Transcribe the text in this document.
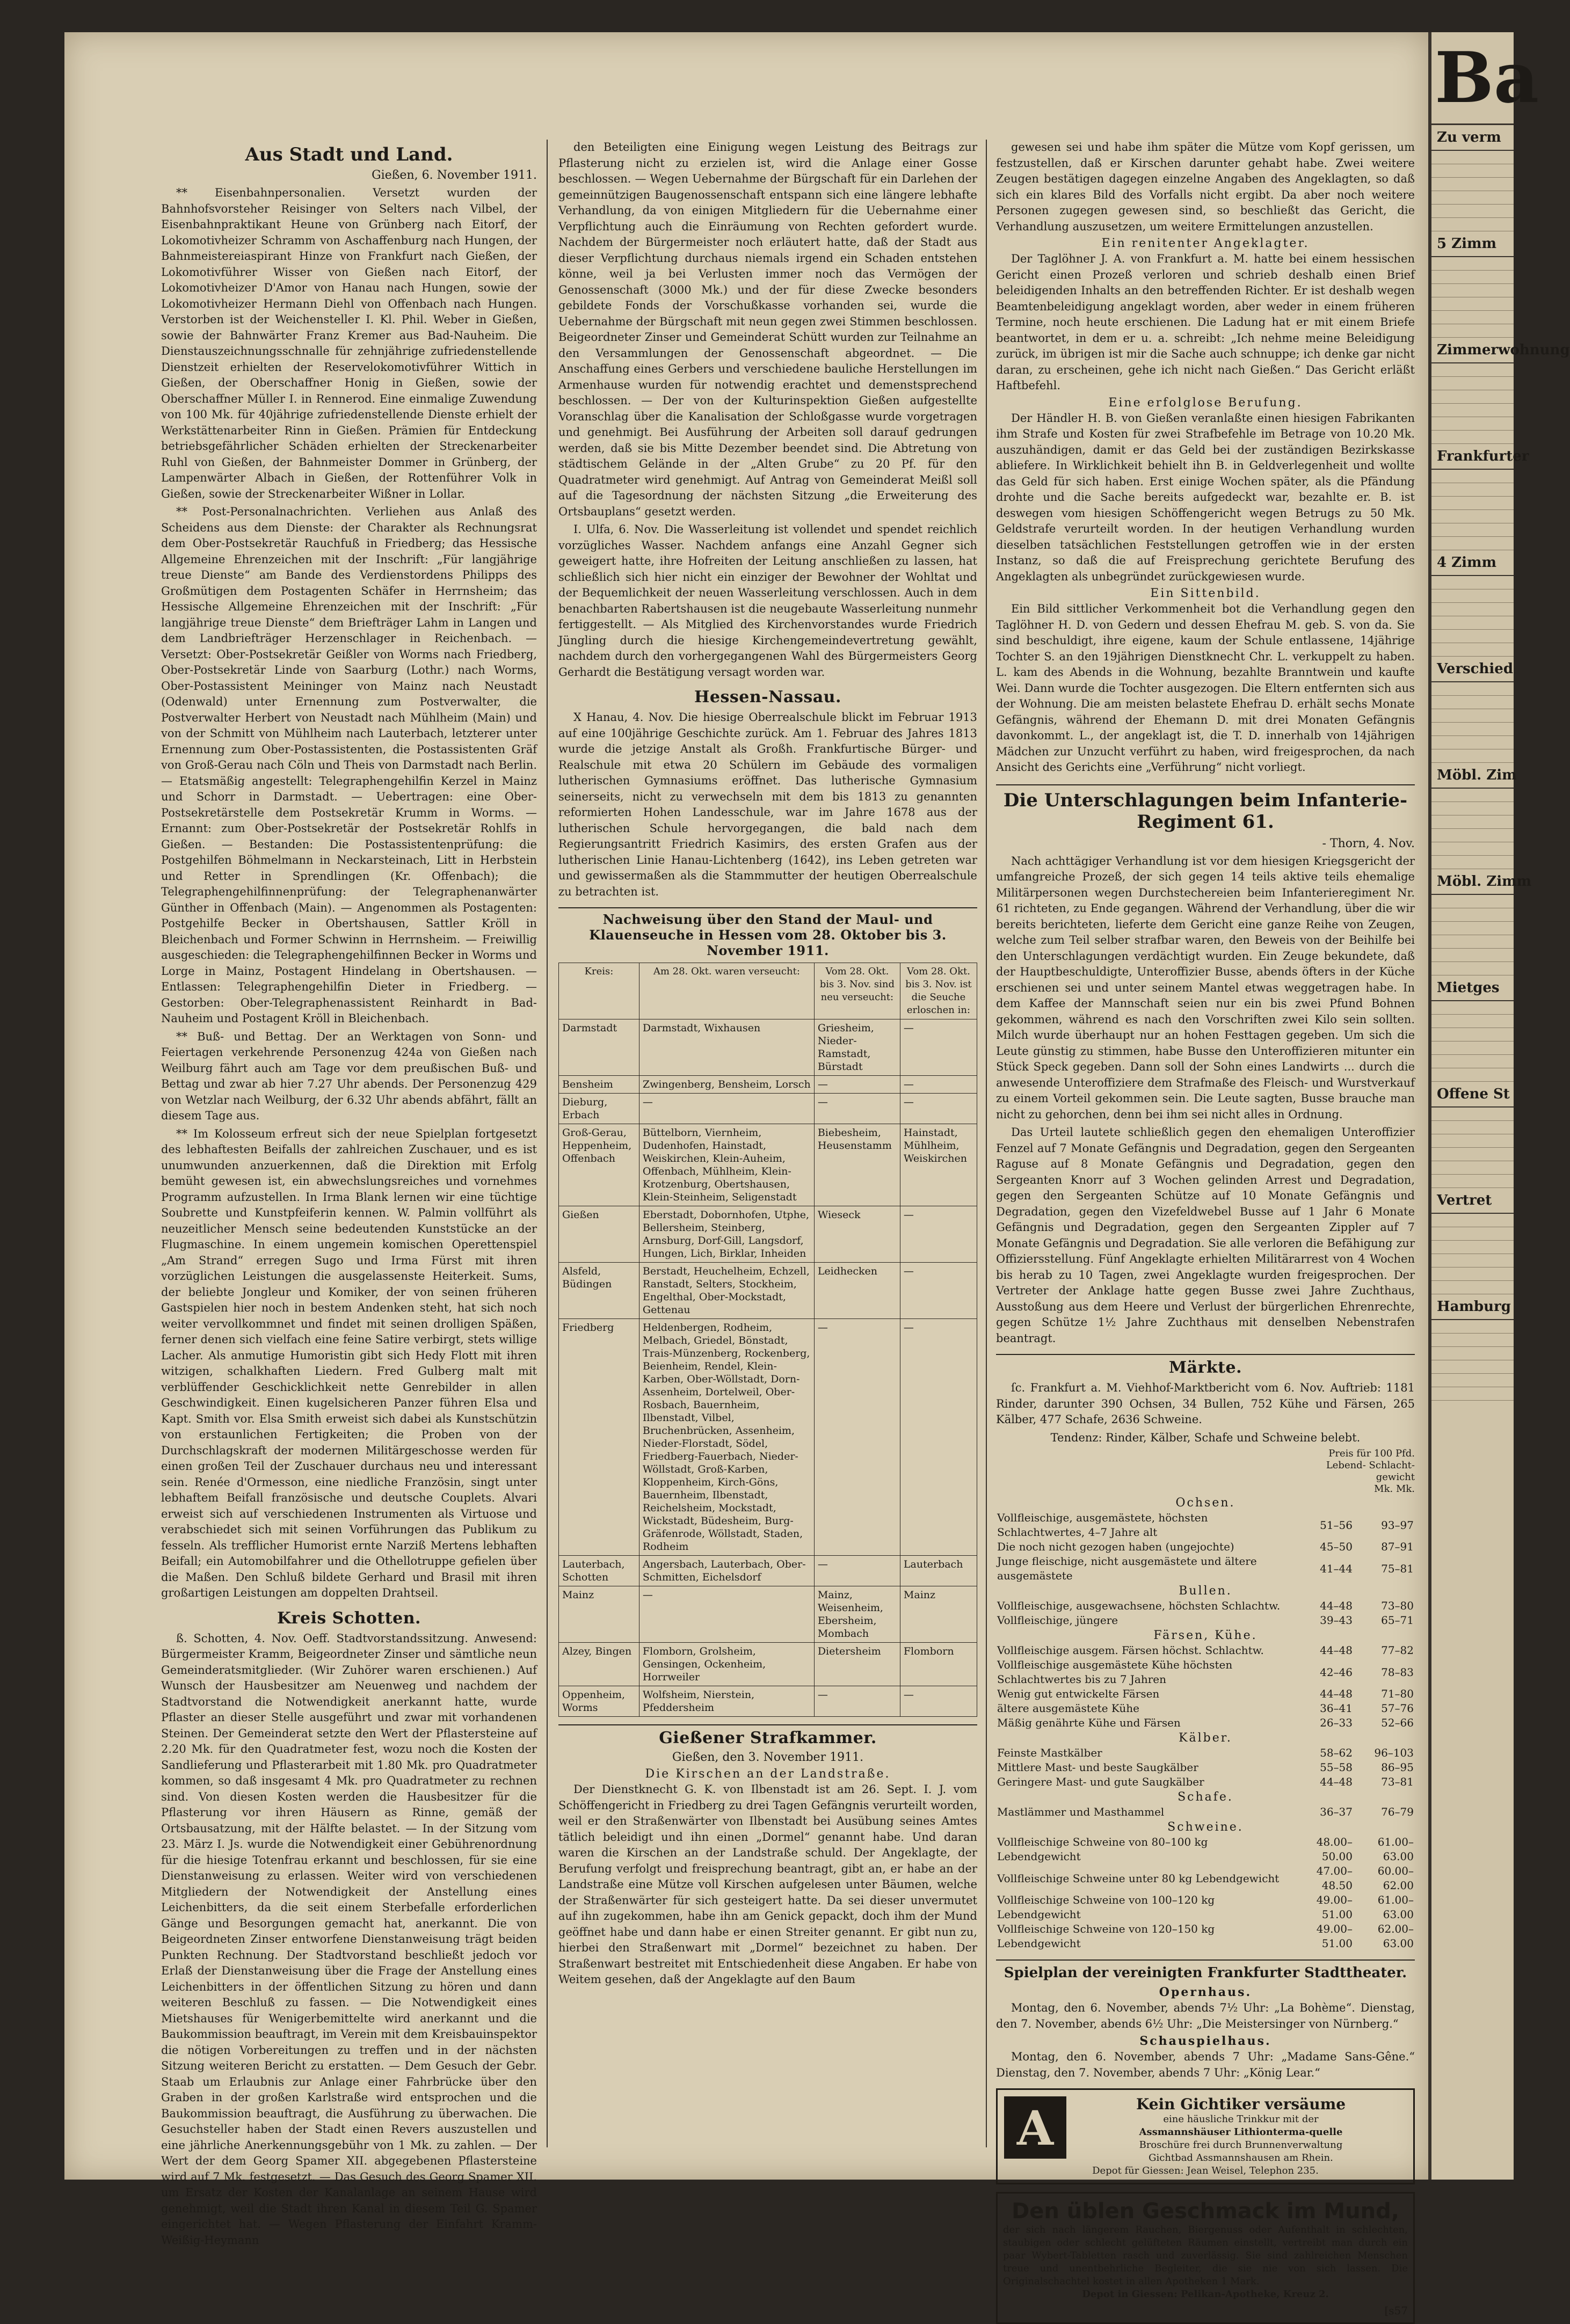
Aus Stadt und Land.
Gießen, 6. November 1911.

** Eisenbahnpersonalien. Versetzt wurden der Bahnhofsvorsteher Reisinger von Selters nach Vilbel, der Eisenbahnpraktikant Heune von Grünberg nach Eitorf, der Lokomotivheizer Schramm von Aschaffenburg nach Hungen, der Bahnmeistereiaspirant Hinze von Frankfurt nach Gießen, der Lokomotivführer Wisser von Gießen nach Eitorf, der Lokomotivheizer D'Amor von Hanau nach Hungen, sowie der Lokomotivheizer Hermann Diehl von Offenbach nach Hungen. Verstorben ist der Weichensteller I. Kl. Phil. Weber in Gießen, sowie der Bahnwärter Franz Kremer aus Bad-Nauheim. Die Dienstauszeichnungsschnalle für zehnjährige zufriedenstellende Dienstzeit erhielten der Reservelokomotivführer Wittich in Gießen, der Oberschaffner Honig in Gießen, sowie der Oberschaffner Müller I. in Rennerod. Eine einmalige Zuwendung von 100 Mk. für 40jährige zufriedenstellende Dienste erhielt der Werkstättenarbeiter Rinn in Gießen. Prämien für Entdeckung betriebsgefährlicher Schäden erhielten der Streckenarbeiter Ruhl von Gießen, der Bahnmeister Dommer in Grünberg, der Lampenwärter Albach in Gießen, der Rottenführer Volk in Gießen, sowie der Streckenarbeiter Wißner in Lollar.

** Post-Personalnachrichten. Verliehen aus Anlaß des Scheidens aus dem Dienste: der Charakter als Rechnungsrat dem Ober-Postsekretär Rauchfuß in Friedberg; das Hessische Allgemeine Ehrenzeichen mit der Inschrift: „Für langjährige treue Dienste“ am Bande des Verdienstordens Philipps des Großmütigen dem Postagenten Schäfer in Herrnsheim; das Hessische Allgemeine Ehrenzeichen mit der Inschrift: „Für langjährige treue Dienste“ dem Briefträger Lahm in Langen und dem Landbriefträger Herzenschlager in Reichenbach. — Versetzt: Ober-Postsekretär Geißler von Worms nach Friedberg, Ober-Postsekretär Linde von Saarburg (Lothr.) nach Worms, Ober-Postassistent Meininger von Mainz nach Neustadt (Odenwald) unter Ernennung zum Postverwalter, die Postverwalter Herbert von Neustadt nach Mühlheim (Main) und von der Schmitt von Mühlheim nach Lauterbach, letzterer unter Ernennung zum Ober-Postassistenten, die Postassistenten Gräf von Groß-Gerau nach Cöln und Theis von Darmstadt nach Berlin. — Etatsmäßig angestellt: Telegraphengehilfin Kerzel in Mainz und Schorr in Darmstadt. — Uebertragen: eine Ober-Postsekretärstelle dem Postsekretär Krumm in Worms. — Ernannt: zum Ober-Postsekretär der Postsekretär Rohlfs in Gießen. — Bestanden: Die Postassistentenprüfung: die Postgehilfen Böhmelmann in Neckarsteinach, Litt in Herbstein und Retter in Sprendlingen (Kr. Offenbach); die Telegraphengehilfinnenprüfung: der Telegraphenanwärter Günther in Offenbach (Main). — Angenommen als Postagenten: Postgehilfe Becker in Obertshausen, Sattler Kröll in Bleichenbach und Former Schwinn in Herrnsheim. — Freiwillig ausgeschieden: die Telegraphengehilfinnen Becker in Worms und Lorge in Mainz, Postagent Hindelang in Obertshausen. — Entlassen: Telegraphengehilfin Dieter in Friedberg. — Gestorben: Ober-Telegraphenassistent Reinhardt in Bad-Nauheim und Postagent Kröll in Bleichenbach.

** Buß- und Bettag. Der an Werktagen von Sonn- und Feiertagen verkehrende Personenzug 424a von Gießen nach Weilburg fährt auch am Tage vor dem preußischen Buß- und Bettag und zwar ab hier 7.27 Uhr abends. Der Personenzug 429 von Wetzlar nach Weilburg, der 6.32 Uhr abends abfährt, fällt an diesem Tage aus.

** Im Kolosseum erfreut sich der neue Spielplan fortgesetzt des lebhaftesten Beifalls der zahlreichen Zuschauer, und es ist unumwunden anzuerkennen, daß die Direktion mit Erfolg bemüht gewesen ist, ein abwechslungsreiches und vornehmes Programm aufzustellen. In Irma Blank lernen wir eine tüchtige Soubrette und Kunstpfeiferin kennen. W. Palmin vollführt als neuzeitlicher Mensch seine bedeutenden Kunststücke an der Flugmaschine. In einem ungemein komischen Operettenspiel „Am Strand“ erregen Sugo und Irma Fürst mit ihren vorzüglichen Leistungen die ausgelassenste Heiterkeit. Sums, der beliebte Jongleur und Komiker, der von seinen früheren Gastspielen hier noch in bestem Andenken steht, hat sich noch weiter vervollkommnet und findet mit seinen drolligen Späßen, ferner denen sich vielfach eine feine Satire verbirgt, stets willige Lacher. Als anmutige Humoristin gibt sich Hedy Flott mit ihren witzigen, schalkhaften Liedern. Fred Gulberg malt mit verblüffender Geschicklichkeit nette Genrebilder in allen Geschwindigkeit. Einen kugelsicheren Panzer führen Elsa und Kapt. Smith vor. Elsa Smith erweist sich dabei als Kunstschützin von erstaunlichen Fertigkeiten; die Proben von der Durchschlagskraft der modernen Militärgeschosse werden für einen großen Teil der Zuschauer durchaus neu und interessant sein. Renée d'Ormesson, eine niedliche Französin, singt unter lebhaftem Beifall französische und deutsche Couplets. Alvari erweist sich auf verschiedenen Instrumenten als Virtuose und verabschiedet sich mit seinen Vorführungen das Publikum zu fesseln. Als trefflicher Humorist ernte Narziß Mertens lebhaften Beifall; ein Automobilfahrer und die Othellotruppe gefielen über die Maßen. Den Schluß bildete Gerhard und Brasil mit ihren großartigen Leistungen am doppelten Drahtseil.

Kreis Schotten.

ß. Schotten, 4. Nov. Oeff. Stadtvorstandssitzung. Anwesend: Bürgermeister Kramm, Beigeordneter Zinser und sämtliche neun Gemeinderatsmitglieder. (Wir Zuhörer waren erschienen.) Auf Wunsch der Hausbesitzer am Neuenweg und nachdem der Stadtvorstand die Notwendigkeit anerkannt hatte, wurde Pflaster an dieser Stelle ausgeführt und zwar mit vorhandenen Steinen. Der Gemeinderat setzte den Wert der Pflastersteine auf 2.20 Mk. für den Quadratmeter fest, wozu noch die Kosten der Sandlieferung und Pflasterarbeit mit 1.80 Mk. pro Quadratmeter kommen, so daß insgesamt 4 Mk. pro Quadratmeter zu rechnen sind. Von diesen Kosten werden die Hausbesitzer für die Pflasterung vor ihren Häusern as Rinne, gemäß der Ortsbausatzung, mit der Hälfte belastet. — In der Sitzung vom 23. März I. Js. wurde die Notwendigkeit einer Gebührenordnung für die hiesige Totenfrau erkannt und beschlossen, für sie eine Dienstanweisung zu erlassen. Weiter wird von verschiedenen Mitgliedern der Notwendigkeit der Anstellung eines Leichenbitters, da die seit einem Sterbefalle erforderlichen Gänge und Besorgungen gemacht hat, anerkannt. Die von Beigeordneten Zinser entworfene Dienstanweisung trägt beiden Punkten Rechnung. Der Stadtvorstand beschließt jedoch vor Erlaß der Dienstanweisung über die Frage der Anstellung eines Leichenbitters in der öffentlichen Sitzung zu hören und dann weiteren Beschluß zu fassen. — Die Notwendigkeit eines Mietshauses für Wenigerbemittelte wird anerkannt und die Baukommission beauftragt, im Verein mit dem Kreisbauinspektor die nötigen Vorbereitungen zu treffen und in der nächsten Sitzung weiteren Bericht zu erstatten. — Dem Gesuch der Gebr. Staab um Erlaubnis zur Anlage einer Fahrbrücke über den Graben in der großen Karlstraße wird entsprochen und die Baukommission beauftragt, die Ausführung zu überwachen. Die Gesuchsteller haben der Stadt einen Revers auszustellen und eine jährliche Anerkennungsgebühr von 1 Mk. zu zahlen. — Der Wert der dem Georg Spamer XII. abgegebenen Pflastersteine wird auf 7 Mk. festgesetzt. — Das Gesuch des Georg Spamer XII. um Ersatz der Kosten der Kanalanlage an seinem Hause wird genehmigt, weil die Stadt ihren Kanal in diesem Teil G. Spamer eingerichtet hat. — Wegen Pflasterung der Einfahrt Kramm-Weißig-Heymann

den Beteiligten eine Einigung wegen Leistung des Beitrags zur Pflasterung nicht zu erzielen ist, wird die Anlage einer Gosse beschlossen. — Wegen Uebernahme der Bürgschaft für ein Darlehen der gemeinnützigen Baugenossenschaft entspann sich eine längere lebhafte Verhandlung, da von einigen Mitgliedern für die Uebernahme einer Verpflichtung auch die Einräumung von Rechten gefordert wurde. Nachdem der Bürgermeister noch erläutert hatte, daß der Stadt aus dieser Verpflichtung durchaus niemals irgend ein Schaden entstehen könne, weil ja bei Verlusten immer noch das Vermögen der Genossenschaft (3000 Mk.) und der für diese Zwecke besonders gebildete Fonds der Vorschußkasse vorhanden sei, wurde die Uebernahme der Bürgschaft mit neun gegen zwei Stimmen beschlossen. Beigeordneter Zinser und Gemeinderat Schütt wurden zur Teilnahme an den Versammlungen der Genossenschaft abgeordnet. — Die Anschaffung eines Gerbers und verschiedene bauliche Herstellungen im Armenhause wurden für notwendig erachtet und demenstsprechend beschlossen. — Der von der Kulturinspektion Gießen aufgestellte Voranschlag über die Kanalisation der Schloßgasse wurde vorgetragen und genehmigt. Bei Ausführung der Arbeiten soll darauf gedrungen werden, daß sie bis Mitte Dezember beendet sind. Die Abtretung von städtischem Gelände in der „Alten Grube“ zu 20 Pf. für den Quadratmeter wird genehmigt. Auf Antrag von Gemeinderat Meißl soll auf die Tagesordnung der nächsten Sitzung „die Erweiterung des Ortsbauplans“ gesetzt werden.

I. Ulfa, 6. Nov. Die Wasserleitung ist vollendet und spendet reichlich vorzügliches Wasser. Nachdem anfangs eine Anzahl Gegner sich geweigert hatte, ihre Hofreiten der Leitung anschließen zu lassen, hat schließlich sich hier nicht ein einziger der Bewohner der Wohltat und der Bequemlichkeit der neuen Wasserleitung verschlossen. Auch in dem benachbarten Rabertshausen ist die neugebaute Wasserleitung nunmehr fertiggestellt. — Als Mitglied des Kirchenvorstandes wurde Friedrich Jüngling durch die hiesige Kirchengemeindevertretung gewählt, nachdem durch den vorhergegangenen Wahl des Bürgermeisters Georg Gerhardt die Bestätigung versagt worden war.

Hessen-Nassau.

X Hanau, 4. Nov. Die hiesige Oberrealschule blickt im Februar 1913 auf eine 100jährige Geschichte zurück. Am 1. Februar des Jahres 1813 wurde die jetzige Anstalt als Großh. Frankfurtische Bürger- und Realschule mit etwa 20 Schülern im Gebäude des vormaligen lutherischen Gymnasiums eröffnet. Das lutherische Gymnasium seinerseits, nicht zu verwechseln mit dem bis 1813 zu genannten reformierten Hohen Landesschule, war im Jahre 1678 aus der lutherischen Schule hervorgegangen, die bald nach dem Regierungsantritt Friedrich Kasimirs, des ersten Grafen aus der lutherischen Linie Hanau-Lichtenberg (1642), ins Leben getreten war und gewissermaßen als die Stammmutter der heutigen Oberrealschule zu betrachten ist.

Nachweisung über den Stand der Maul- und Klauenseuche in Hessen vom 28. Oktober bis 3. November 1911.
Kreis:	Am 28. Okt. waren verseucht:	Vom 28. Okt. bis 3. Nov. sind neu verseucht:	Vom 28. Okt. bis 3. Nov. ist die Seuche erloschen in:
Darmstadt	Darmstadt, Wixhausen	Griesheim, Nieder-Ramstadt, Bürstadt	—
Bensheim	Zwingenberg, Bensheim, Lorsch	—	—
Dieburg, Erbach	—	—	—
Groß-Gerau, Heppenheim, Offenbach	Büttelborn, Viernheim, Dudenhofen, Hainstadt, Weiskirchen, Klein-Auheim, Offenbach, Mühlheim, Klein-Krotzenburg, Obertshausen, Klein-Steinheim, Seligenstadt	Biebesheim, Heusenstamm	Hainstadt, Mühlheim, Weiskirchen
Gießen	Eberstadt, Dobornhofen, Utphe, Bellersheim, Steinberg, Arnsburg, Dorf-Gill, Langsdorf, Hungen, Lich, Birklar, Inheiden	Wieseck	—
Alsfeld, Büdingen	Berstadt, Heuchelheim, Echzell, Ranstadt, Selters, Stockheim, Engelthal, Ober-Mockstadt, Gettenau	Leidhecken	—
Friedberg	Heldenbergen, Rodheim, Melbach, Griedel, Bönstadt, Trais-Münzenberg, Rockenberg, Beienheim, Rendel, Klein-Karben, Ober-Wöllstadt, Dorn-Assenheim, Dortelweil, Ober-Rosbach, Bauernheim, Ilbenstadt, Vilbel, Bruchenbrücken, Assenheim, Nieder-Florstadt, Södel, Friedberg-Fauerbach, Nieder-Wöllstadt, Groß-Karben, Kloppenheim, Kirch-Göns, Bauernheim, Ilbenstadt, Reichelsheim, Mockstadt, Wickstadt, Büdesheim, Burg-Gräfenrode, Wöllstadt, Staden, Rodheim	—	—
Lauterbach, Schotten	Angersbach, Lauterbach, Ober-Schmitten, Eichelsdorf	—	Lauterbach
Mainz	—	Mainz, Weisenheim, Ebersheim, Mombach	Mainz
Alzey, Bingen	Flomborn, Grolsheim, Gensingen, Ockenheim, Horrweiler	Dietersheim	Flomborn
Oppenheim, Worms	Wolfsheim, Nierstein, Pfeddersheim	—	—
Gießener Strafkammer.
Gießen, den 3. November 1911.
Die Kirschen an der Landstraße.

Der Dienstknecht G. K. von Ilbenstadt ist am 26. Sept. I. J. vom Schöffengericht in Friedberg zu drei Tagen Gefängnis verurteilt worden, weil er den Straßenwärter von Ilbenstadt bei Ausübung seines Amtes tätlich beleidigt und ihn einen „Dormel“ genannt habe. Und daran waren die Kirschen an der Landstraße schuld. Der Angeklagte, der Berufung verfolgt und freisprechung beantragt, gibt an, er habe an der Landstraße eine Mütze voll Kirschen aufgelesen unter Bäumen, welche der Straßenwärter für sich gesteigert hatte. Da sei dieser unvermutet auf ihn zugekommen, habe ihn am Genick gepackt, doch ihm der Mund geöffnet habe und dann habe er einen Streiter genannt. Er gibt nun zu, hierbei den Straßenwart mit „Dormel“ bezeichnet zu haben. Der Straßenwart bestreitet mit Entschiedenheit diese Angaben. Er habe von Weitem gesehen, daß der Angeklagte auf den Baum

gewesen sei und habe ihm später die Mütze vom Kopf gerissen, um festzustellen, daß er Kirschen darunter gehabt habe. Zwei weitere Zeugen bestätigen dagegen einzelne Angaben des Angeklagten, so daß sich ein klares Bild des Vorfalls nicht ergibt. Da aber noch weitere Personen zugegen gewesen sind, so beschließt das Gericht, die Verhandlung auszusetzen, um weitere Ermittelungen anzustellen.

Ein renitenter Angeklagter.

Der Taglöhner J. A. von Frankfurt a. M. hatte bei einem hessischen Gericht einen Prozeß verloren und schrieb deshalb einen Brief beleidigenden Inhalts an den betreffenden Richter. Er ist deshalb wegen Beamtenbeleidigung angeklagt worden, aber weder in einem früheren Termine, noch heute erschienen. Die Ladung hat er mit einem Briefe beantwortet, in dem er u. a. schreibt: „Ich nehme meine Beleidigung zurück, im übrigen ist mir die Sache auch schnuppe; ich denke gar nicht daran, zu erscheinen, gehe ich nicht nach Gießen.“ Das Gericht erläßt Haftbefehl.

Eine erfolglose Berufung.

Der Händler H. B. von Gießen veranlaßte einen hiesigen Fabrikanten ihm Strafe und Kosten für zwei Strafbefehle im Betrage von 10.20 Mk. auszuhändigen, damit er das Geld bei der zuständigen Bezirkskasse abliefere. In Wirklichkeit behielt ihn B. in Geldverlegenheit und wollte das Geld für sich haben. Erst einige Wochen später, als die Pfändung drohte und die Sache bereits aufgedeckt war, bezahlte er. B. ist deswegen vom hiesigen Schöffengericht wegen Betrugs zu 50 Mk. Geldstrafe verurteilt worden. In der heutigen Verhandlung wurden dieselben tatsächlichen Feststellungen getroffen wie in der ersten Instanz, so daß die auf Freisprechung gerichtete Berufung des Angeklagten als unbegründet zurückgewiesen wurde.

Ein Sittenbild.

Ein Bild sittlicher Verkommenheit bot die Verhandlung gegen den Taglöhner H. D. von Gedern und dessen Ehefrau M. geb. S. von da. Sie sind beschuldigt, ihre eigene, kaum der Schule entlassene, 14jährige Tochter S. an den 19jährigen Dienstknecht Chr. L. verkuppelt zu haben. L. kam des Abends in die Wohnung, bezahlte Branntwein und kaufte Wei. Dann wurde die Tochter ausgezogen. Die Eltern entfernten sich aus der Wohnung. Die am meisten belastete Ehefrau D. erhält sechs Monate Gefängnis, während der Ehemann D. mit drei Monaten Gefängnis davonkommt. L., der angeklagt ist, die T. D. innerhalb von 14jährigen Mädchen zur Unzucht verführt zu haben, wird freigesprochen, da nach Ansicht des Gerichts eine „Verführung“ nicht vorliegt.

Die Unterschlagungen beim Infanterie-Regiment 61.
- Thorn, 4. Nov.

Nach achttägiger Verhandlung ist vor dem hiesigen Kriegsgericht der umfangreiche Prozeß, der sich gegen 14 teils aktive teils ehemalige Militärpersonen wegen Durchstechereien beim Infanterieregiment Nr. 61 richteten, zu Ende gegangen. Während der Verhandlung, über die wir bereits berichteten, lieferte dem Gericht eine ganze Reihe von Zeugen, welche zum Teil selber strafbar waren, den Beweis von der Beihilfe bei den Unterschlagungen verdächtigt wurden. Ein Zeuge bekundete, daß der Hauptbeschuldigte, Unteroffizier Busse, abends öfters in der Küche erschienen sei und unter seinem Mantel etwas weggetragen habe. In dem Kaffee der Mannschaft seien nur ein bis zwei Pfund Bohnen gekommen, während es nach den Vorschriften zwei Kilo sein sollten. Milch wurde überhaupt nur an hohen Festtagen gegeben. Um sich die Leute günstig zu stimmen, habe Busse den Unteroffizieren mitunter ein Stück Speck gegeben. Dann soll der Sohn eines Landwirts ... durch die anwesende Unteroffiziere dem Strafmaße des Fleisch- und Wurstverkauf zu einem Vorteil gekommen sein. Die Leute sagten, Busse brauche man nicht zu gehorchen, denn bei ihm sei nicht alles in Ordnung.

Das Urteil lautete schließlich gegen den ehemaligen Unteroffizier Fenzel auf 7 Monate Gefängnis und Degradation, gegen den Sergeanten Raguse auf 8 Monate Gefängnis und Degradation, gegen den Sergeanten Knorr auf 3 Wochen gelinden Arrest und Degradation, gegen den Sergeanten Schütze auf 10 Monate Gefängnis und Degradation, gegen den Vizefeldwebel Busse auf 1 Jahr 6 Monate Gefängnis und Degradation, gegen den Sergeanten Zippler auf 7 Monate Gefängnis und Degradation. Sie alle verloren die Befähigung zur Offiziersstellung. Fünf Angeklagte erhielten Militärarrest von 4 Wochen bis herab zu 10 Tagen, zwei Angeklagte wurden freigesprochen. Der Vertreter der Anklage hatte gegen Busse zwei Jahre Zuchthaus, Ausstoßung aus dem Heere und Verlust der bürgerlichen Ehrenrechte, gegen Schütze 1½ Jahre Zuchthaus mit denselben Nebenstrafen beantragt.

Märkte.

ſc. Frankfurt a. M. Viehhof-Marktbericht vom 6. Nov. Auftrieb: 1181 Rinder, darunter 390 Ochsen, 34 Bullen, 752 Kühe und Färsen, 265 Kälber, 477 Schafe, 2636 Schweine.

Tendenz: Rinder, Kälber, Schafe und Schweine belebt.

Preis für 100 Pfd.
Lebend- Schlacht-
gewicht
Mk. Mk.
Ochsen.
Vollfleischige, ausgemästete, höchsten Schlachtwertes, 4–7 Jahre alt	51–56	93–97
Die noch nicht gezogen haben (ungejochte)	45–50	87–91
Junge fleischige, nicht ausgemästete und ältere ausgemästete	41–44	75–81
Bullen.
Vollfleischige, ausgewachsene, höchsten Schlachtw.	44–48	73–80
Vollfleischige, jüngere	39–43	65–71
Färsen, Kühe.
Vollfleischige ausgem. Färsen höchst. Schlachtw.	44–48	77–82
Vollfleischige ausgemästete Kühe höchsten Schlachtwertes bis zu 7 Jahren	42–46	78–83
Wenig gut entwickelte Färsen	44–48	71–80
ältere ausgemästete Kühe	36–41	57–76
Mäßig genährte Kühe und Färsen	26–33	52–66
Kälber.
Feinste Mastkälber	58–62	96–103
Mittlere Mast- und beste Saugkälber	55–58	86–95
Geringere Mast- und gute Saugkälber	44–48	73–81
Schafe.
Mastlämmer und Masthammel	36–37	76–79
Schweine.
Vollfleischige Schweine von 80–100 kg Lebendgewicht	48.00–50.00	61.00–63.00
Vollfleischige Schweine unter 80 kg Lebendgewicht	47.00–48.50	60.00–62.00
Vollfleischige Schweine von 100–120 kg Lebendgewicht	49.00–51.00	61.00–63.00
Vollfleischige Schweine von 120–150 kg Lebendgewicht	49.00–51.00	62.00–63.00
Spielplan der vereinigten Frankfurter Stadttheater.
Opernhaus.

Montag, den 6. November, abends 7½ Uhr: „La Bohème“. Dienstag, den 7. November, abends 6½ Uhr: „Die Meistersinger von Nürnberg.“

Schauspielhaus.

Montag, den 6. November, abends 7 Uhr: „Madame Sans-Gêne.“ Dienstag, den 7. November, abends 7 Uhr: „König Lear.“

A	Kein Gichtiker versäume
eine häusliche Trinkkur mit der
Assmannshäuser Lithionterma-quelle
Broschüre frei durch Brunnenverwaltung
Gichtbad Assmannshausen am Rhein.
Depot für Giessen: Jean Weisel, Telephon 235.
Den üblen Geschmack im Mund,
der sich nach längerem Rauchen, Biergenuss oder Aufenthalt in schlechten, staubigen oder schlecht gelüfteten Räumen einstellt, vertreibt man durch ein paar Wybert-Tabletten rasch und zuverlässig. Sie sind zahlreichen Menschen treue und unentbehrliche Begleiter, die sie nie von sich lassen. Die Originalschachtel kostet in allen Apotheken 1 Mark.
Depot in Giessen: Pelikan-Apotheke, Kreuz 2.
[s57
Ba
Zu verm

5 Zimm

Zimmerwohnung

Frankfurter

4 Zimm

Verschied

Möbl. Zim

Möbl. Zimm

Mietges

Offene St

Vertret

Hamburg
